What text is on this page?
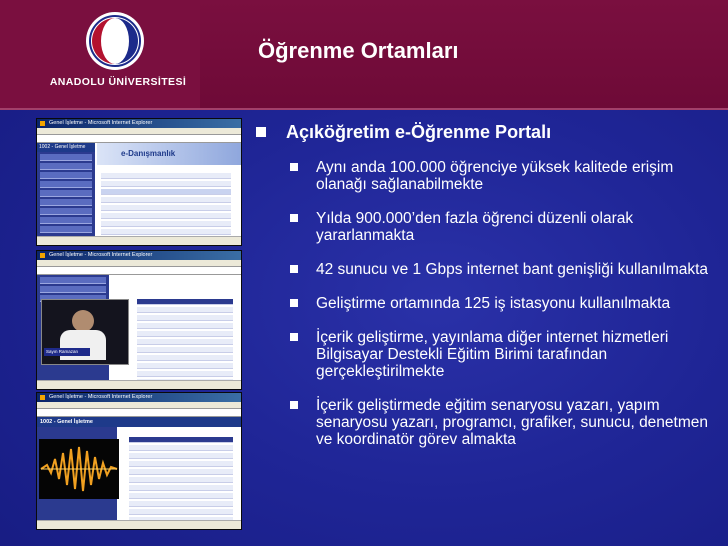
ANADOLU ÜNİVERSİTESİ
Öğrenme Ortamları
Genel İşletme - Microsoft Internet Explorer
1002 - Genel İşletme
e-Danışmanlık
Genel İşletme - Microsoft Internet Explorer
Sayın Ramazan
Genel İşletme - Microsoft Internet Explorer
1002 - Genel İşletme
Açıköğretim e-Öğrenme Portalı
Aynı anda 100.000 öğrenciye yüksek kalitede erişim olanağı sağlanabilmekte
Yılda 900.000’den fazla öğrenci düzenli olarak yararlanmakta
42 sunucu ve 1 Gbps internet bant genişliği kullanılmakta
Geliştirme ortamında 125 iş istasyonu kullanılmakta
İçerik geliştirme, yayınlama diğer internet hizmetleri Bilgisayar Destekli Eğitim Birimi tarafından gerçekleştirilmekte
İçerik geliştirmede eğitim senaryosu yazarı, yapım senaryosu yazarı, programcı, grafiker, sunucu, denetmen ve koordinatör görev almakta
